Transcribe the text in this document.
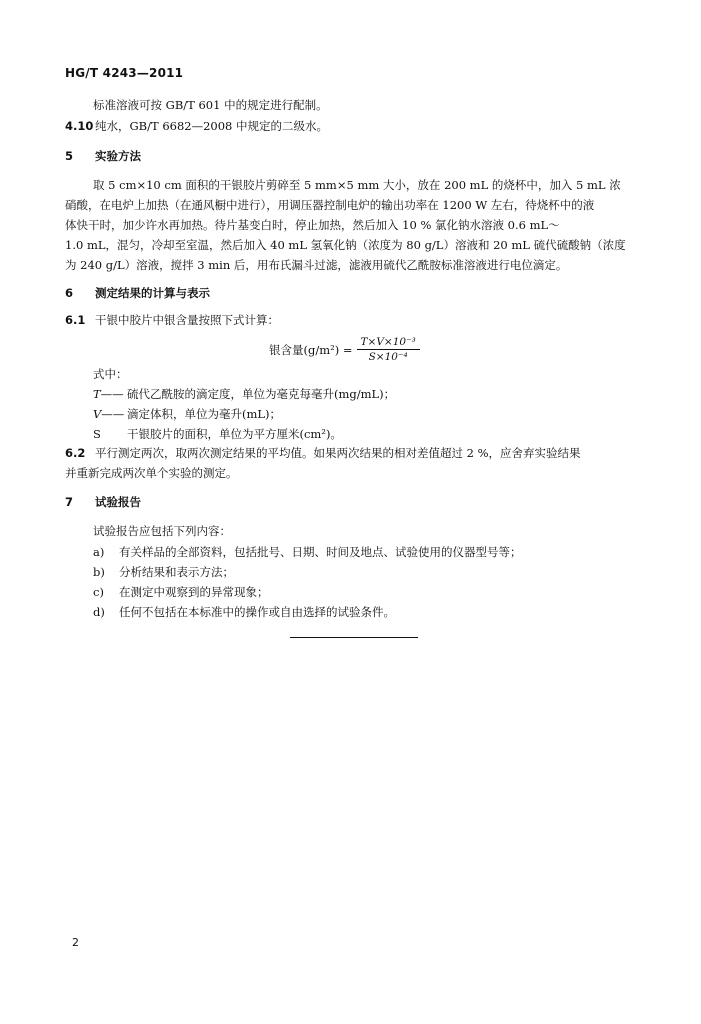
HG/T 4243—2011
标准溶液可按 GB/T 601 中的规定进行配制。
4.10 纯水，GB/T 6682—2008 中规定的二级水。
5 实验方法
取 5 cm×10 cm 面积的干银胶片剪碎至 5 mm×5 mm 大小，放在 200 mL 的烧杯中，加入 5 mL 浓
硝酸，在电炉上加热（在通风橱中进行），用调压器控制电炉的输出功率在 1200 W 左右，待烧杯中的液
体快干时，加少许水再加热。待片基变白时，停止加热，然后加入 10 % 氯化钠水溶液 0.6 mL～
1.0 mL，混匀，冷却至室温，然后加入 40 mL 氢氧化钠（浓度为 80 g/L）溶液和 20 mL 硫代硫酸钠（浓度
为 240 g/L）溶液，搅拌 3 min 后，用布氏漏斗过滤，滤液用硫代乙酰胺标准溶液进行电位滴定。
6 测定结果的计算与表示
6.1 干银中胶片中银含量按照下式计算：
银含量$(g/m^2) = \frac{\text{T×V×10⁻³}}{\text{S×10⁻⁴}}$
式中：
T—— 硫代乙酰胺的滴定度，单位为毫克每毫升(mg/mL)；
V—— 滴定体积，单位为毫升(mL)；
S 干银胶片的面积，单位为平方厘米(cm²)。
6.2 平行测定两次，取两次测定结果的平均值。如果两次结果的相对差值超过 2 %，应舍弃实验结果
并重新完成两次单个实验的测定。
7 试验报告
试验报告应包括下列内容：
a) 有关样品的全部资料，包括批号、日期、时间及地点、试验使用的仪器型号等；
b) 分析结果和表示方法；
c) 在测定中观察到的异常现象；
d) 任何不包括在本标准中的操作或自由选择的试验条件。
2
